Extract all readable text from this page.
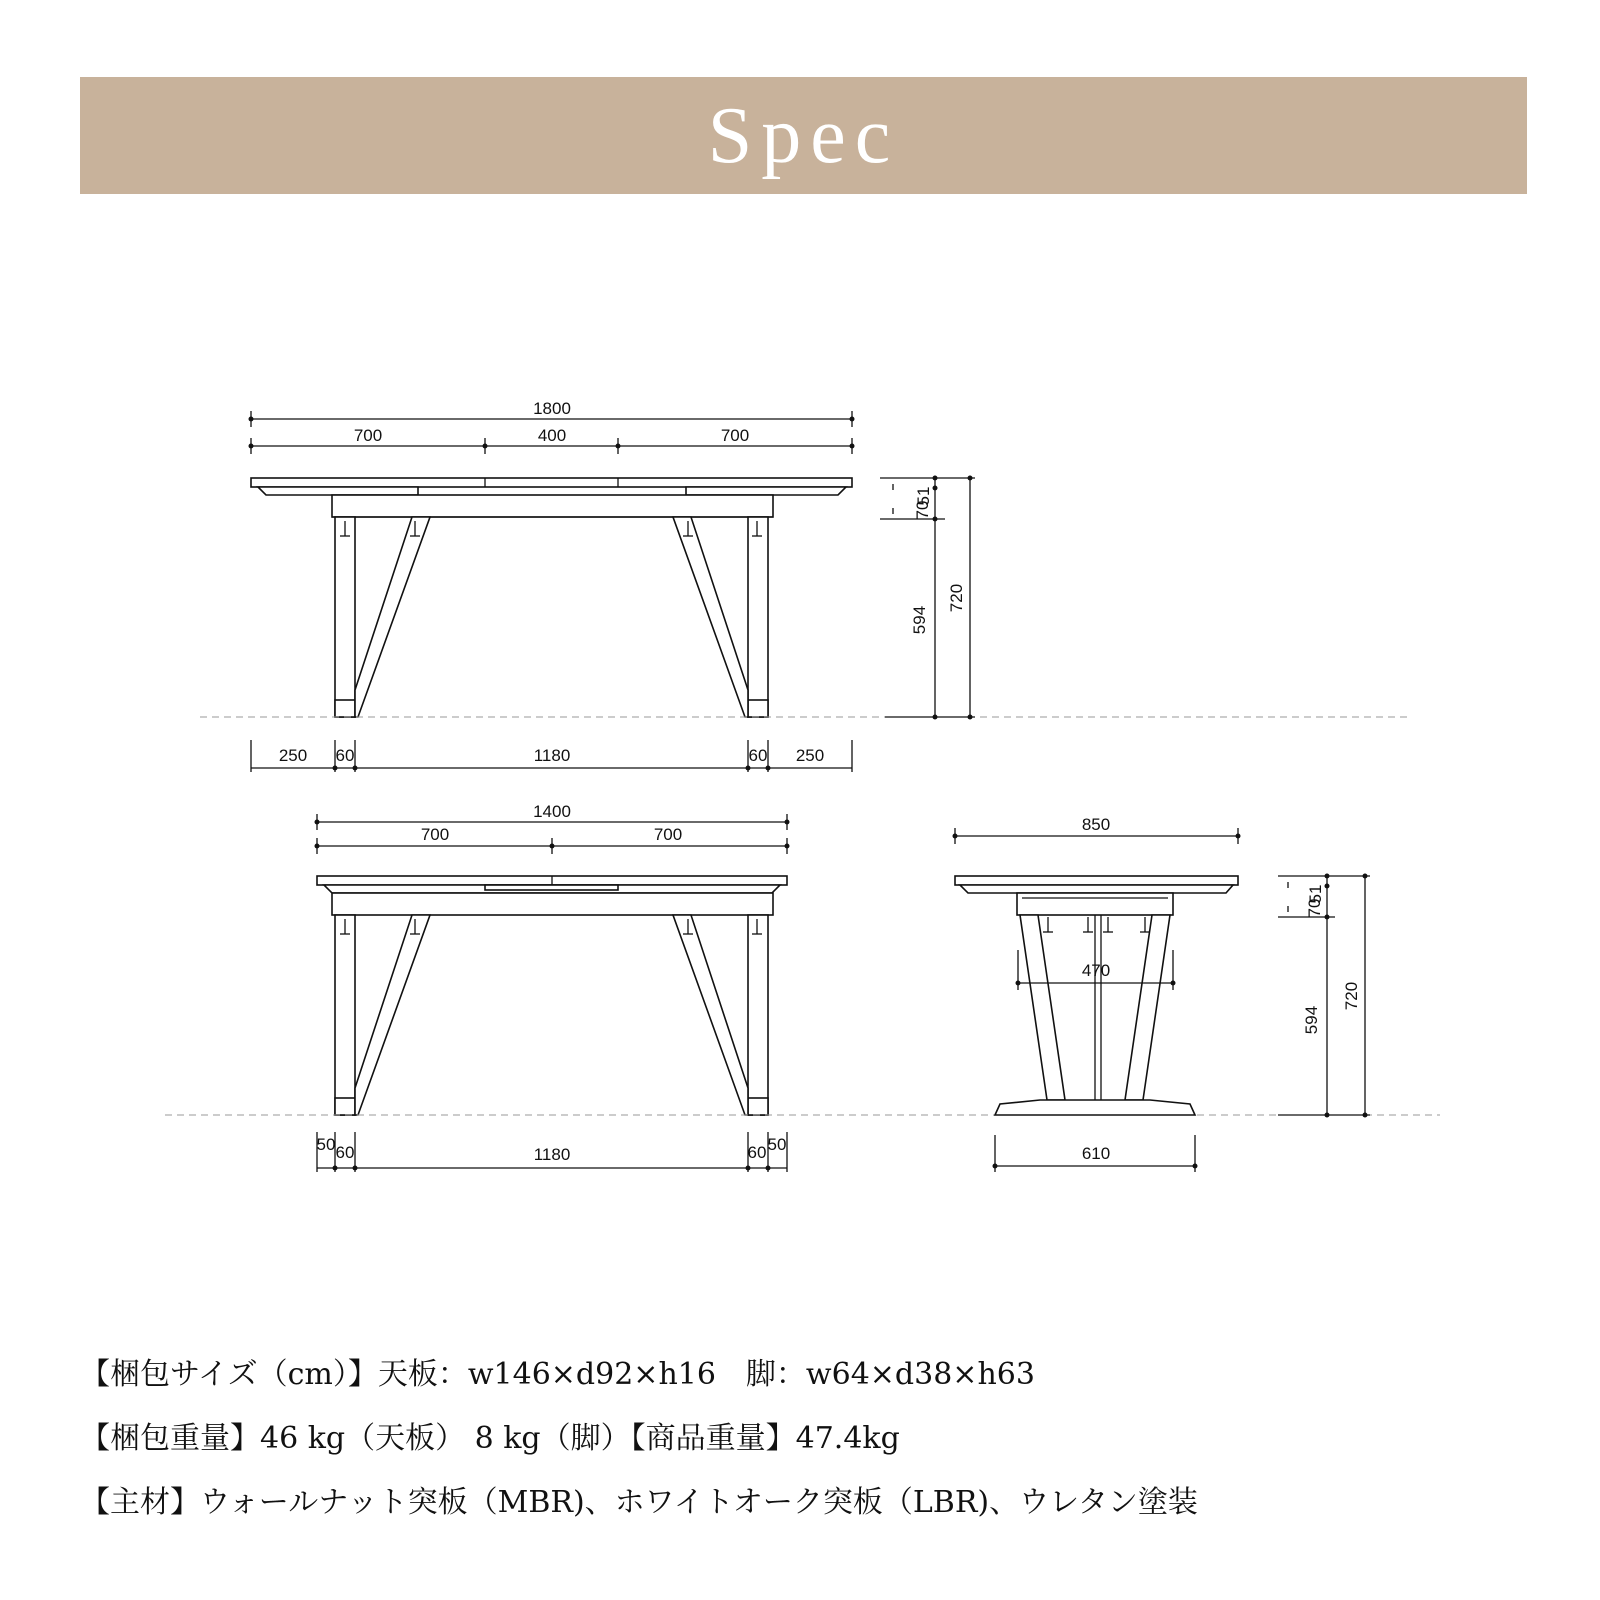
Spec
1800
700	400	700
250 60	1180	60 250
51
70
594
720
1400
700	700
50 60	1180	60 50
850
470
610
51
70
594
720
【梱包サイズ（cm）】天板：w146×d92×h16　脚：w64×d38×h63
【梱包重量】46 kg（天板） 8 kg（脚）【商品重量】47.4kg
【主材】ウォールナット突板（MBR)、ホワイトオーク突板（LBR)、ウレタン塗装
